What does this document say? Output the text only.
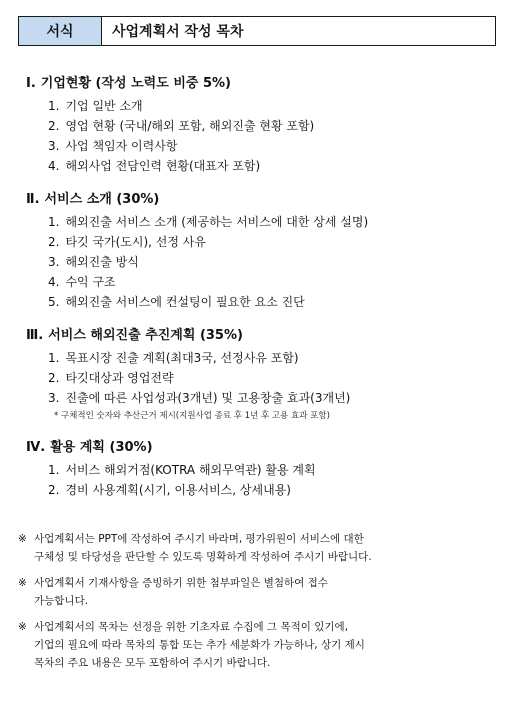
서식	사업계획서 작성 목차
Ⅰ. 기업현황 (작성 노력도 비중 5%)
1. 기업 일반 소개
2. 영업 현황 (국내/해외 포함, 해외진출 현황 포함)
3. 사업 책임자 이력사항
4. 해외사업 전담인력 현황(대표자 포함)
Ⅱ. 서비스 소개 (30%)
1. 해외진출 서비스 소개 (제공하는 서비스에 대한 상세 설명)
2. 타깃 국가(도시), 선정 사유
3. 해외진출 방식
4. 수익 구조
5. 해외진출 서비스에 컨설팅이 필요한 요소 진단
Ⅲ. 서비스 해외진출 추진계획 (35%)
1. 목표시장 진출 계획(최대3국, 선정사유 포함)
2. 타깃대상과 영업전략
3. 진출에 따른 사업성과(3개년) 및 고용창출 효과(3개년)
* 구체적인 숫자와 추산근거 제시(지원사업 종료 후 1년 후 고용 효과 포함)
Ⅳ. 활용 계획 (30%)
1. 서비스 해외거점(KOTRA 해외무역관) 활용 계획
2. 경비 사용계획(시기, 이용서비스, 상세내용)
※ 사업계획서는 PPT에 작성하여 주시기 바라며, 평가위원이 서비스에 대한
구체성 및 타당성을 판단할 수 있도록 명확하게 작성하여 주시기 바랍니다.
※ 사업계획서 기재사항을 증빙하기 위한 첨부파일은 별첨하여 접수
가능합니다.
※ 사업계획서의 목차는 선정을 위한 기초자료 수집에 그 목적이 있기에,
기업의 필요에 따라 목차의 통합 또는 추가 세분화가 가능하나, 상기 제시
목차의 주요 내용은 모두 포함하여 주시기 바랍니다.
